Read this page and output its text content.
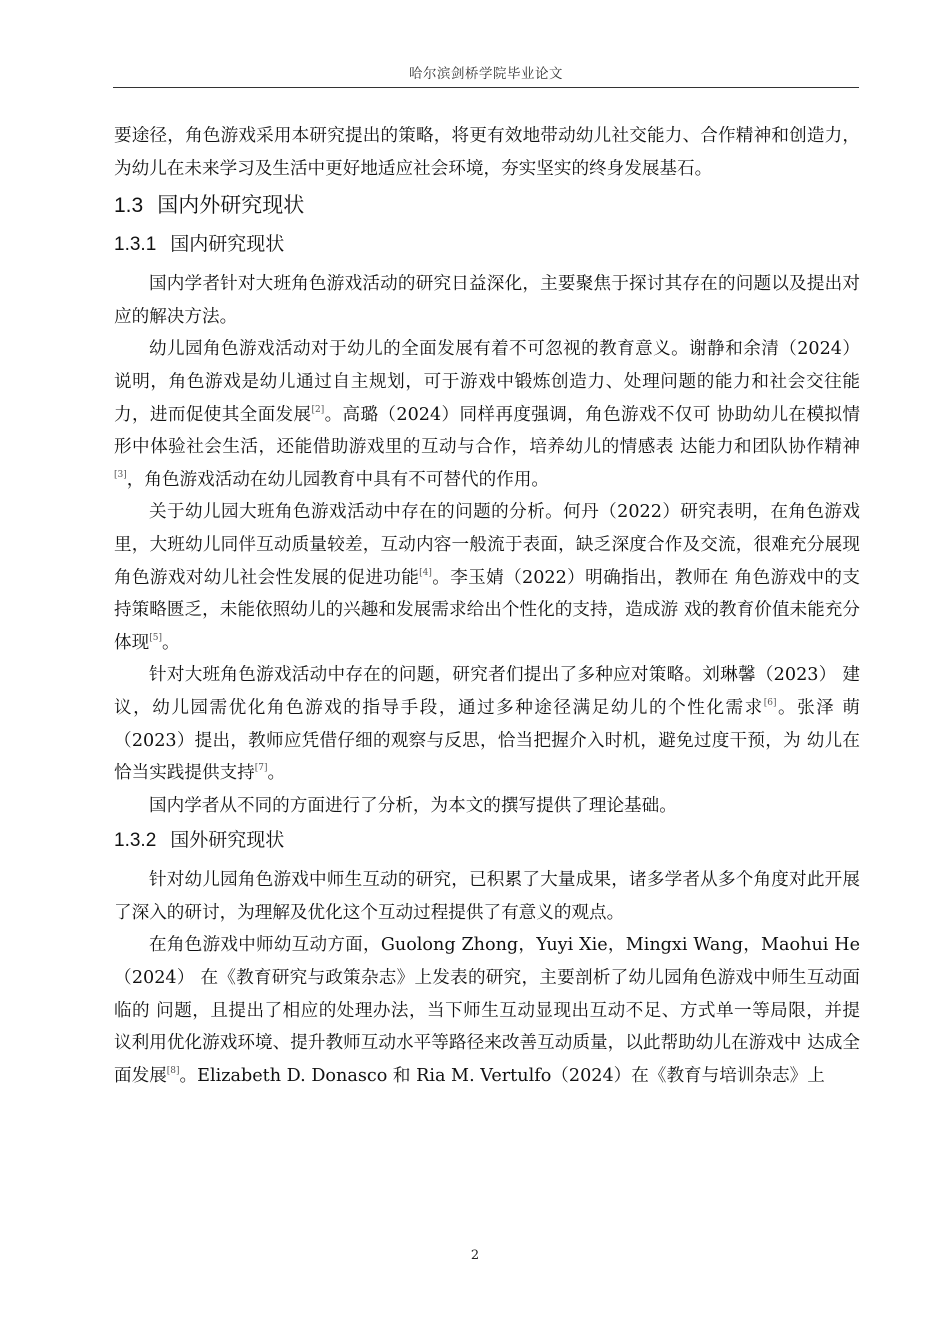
哈尔滨剑桥学院毕业论文

要途径，角色游戏采用本研究提出的策略，将更有效地带动幼儿社交能力、合作精神和创造力，为幼儿在未来学习及生活中更好地适应社会环境，夯实坚实的终身发展基石。

1.3 国内外研究现状
1.3.1 国内研究现状

国内学者针对大班角色游戏活动的研究日益深化，主要聚焦于探讨其存在的问题以及提出对应的解决方法。

幼儿园角色游戏活动对于幼儿的全面发展有着不可忽视的教育意义。谢静和余清（2024）说明，角色游戏是幼儿通过自主规划，可于游戏中锻炼创造力、处理问题的能力和社会交往能力，进而促使其全面发展[2]。高璐（2024）同样再度强调，角色游戏不仅可 协助幼儿在模拟情形中体验社会生活，还能借助游戏里的互动与合作，培养幼儿的情感表 达能力和团队协作精神[3]，角色游戏活动在幼儿园教育中具有不可替代的作用。

关于幼儿园大班角色游戏活动中存在的问题的分析。何丹（2022）研究表明，在角色游戏里，大班幼儿同伴互动质量较差，互动内容一般流于表面，缺乏深度合作及交流，很难充分展现角色游戏对幼儿社会性发展的促进功能[4]。李玉婧（2022）明确指出，教师在 角色游戏中的支持策略匮乏，未能依照幼儿的兴趣和发展需求给出个性化的支持，造成游 戏的教育价值未能充分体现[5]。

针对大班角色游戏活动中存在的问题，研究者们提出了多种应对策略。刘琳馨（2023） 建议，幼儿园需优化角色游戏的指导手段，通过多种途径满足幼儿的个性化需求[6]。张泽 萌（2023）提出，教师应凭借仔细的观察与反思，恰当把握介入时机，避免过度干预，为 幼儿在恰当实践提供支持[7]。

国内学者从不同的方面进行了分析，为本文的撰写提供了理论基础。

1.3.2 国外研究现状

针对幼儿园角色游戏中师生互动的研究，已积累了大量成果，诸多学者从多个角度对此开展了深入的研讨，为理解及优化这个互动过程提供了有意义的观点。

在角色游戏中师幼互动方面，Guolong Zhong，Yuyi Xie，Mingxi Wang，Maohui He（2024） 在《教育研究与政策杂志》上发表的研究，主要剖析了幼儿园角色游戏中师生互动面临的 问题，且提出了相应的处理办法，当下师生互动显现出互动不足、方式单一等局限，并提 议利用优化游戏环境、提升教师互动水平等路径来改善互动质量，以此帮助幼儿在游戏中 达成全面发展[8]。Elizabeth D. Donasco 和 Ria M. Vertulfo（2024）在《教育与培训杂志》上

2
